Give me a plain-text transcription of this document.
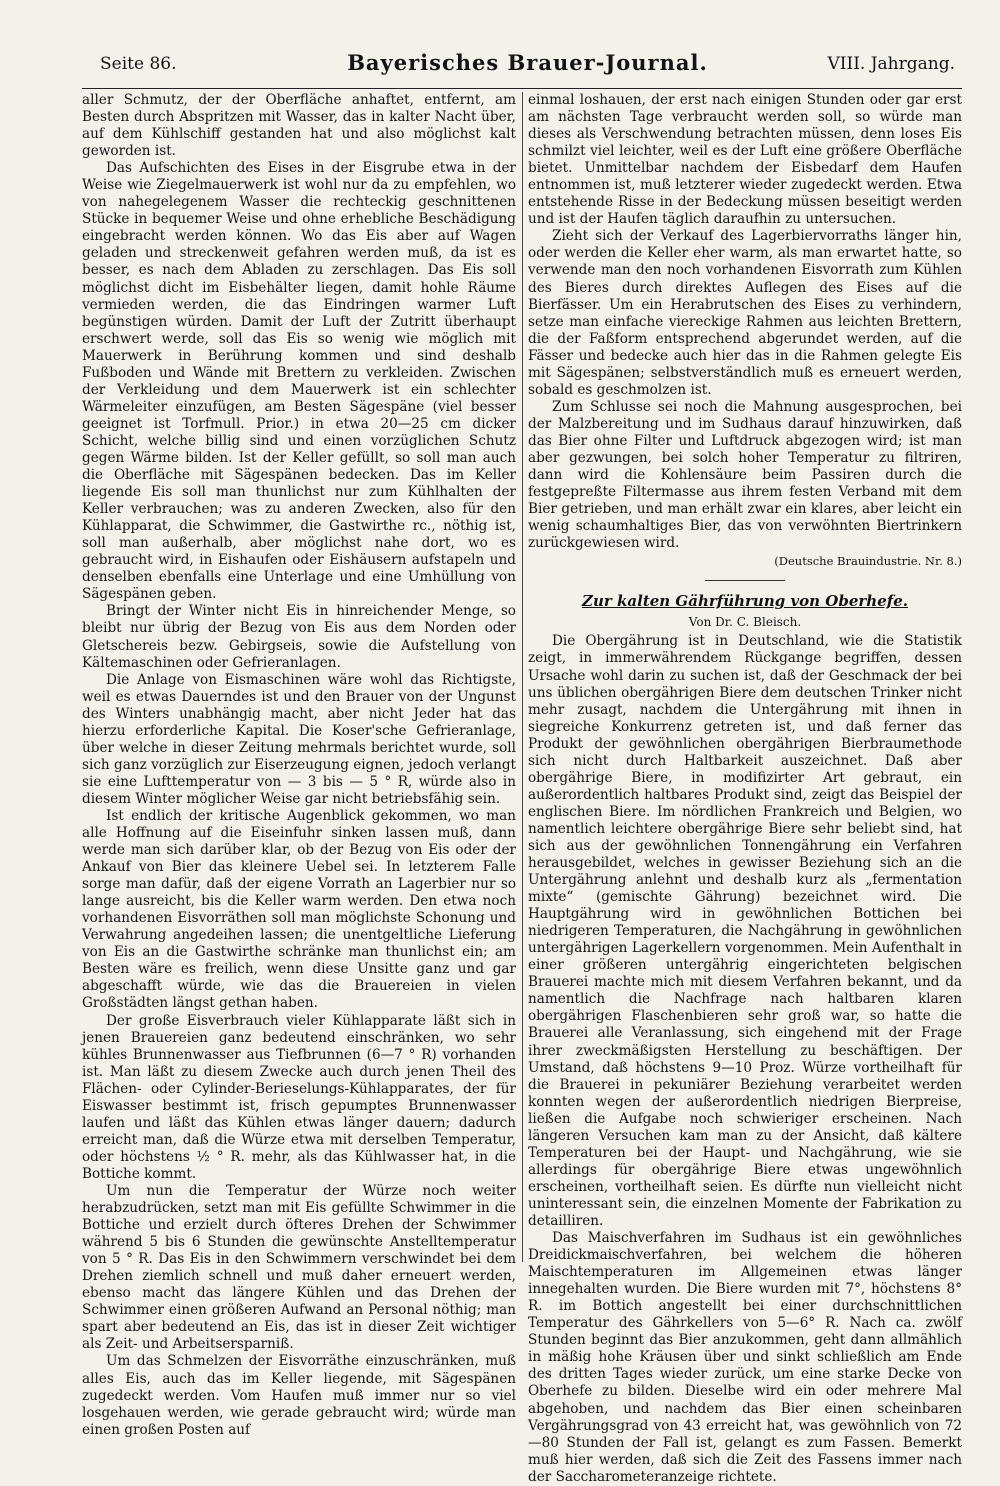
Seite 86.	Bayerisches Brauer-Journal.	VIII. Jahrgang.

aller Schmutz, der der Oberfläche anhaftet, entfernt, am Besten durch Abspritzen mit Wasser, das in kalter Nacht über, auf dem Kühlschiff gestanden hat und also möglichst kalt geworden ist.

Das Aufschichten des Eises in der Eisgrube etwa in der Weise wie Ziegelmauerwerk ist wohl nur da zu empfehlen, wo von nahegelegenem Wasser die rechteckig geschnittenen Stücke in bequemer Weise und ohne erhebliche Beschädigung eingebracht werden können. Wo das Eis aber auf Wagen geladen und streckenweit gefahren werden muß, da ist es besser, es nach dem Abladen zu zerschlagen. Das Eis soll möglichst dicht im Eisbehälter liegen, damit hohle Räume vermieden werden, die das Eindringen warmer Luft begünstigen würden. Damit der Luft der Zutritt überhaupt erschwert werde, soll das Eis so wenig wie möglich mit Mauerwerk in Berührung kommen und sind deshalb Fußboden und Wände mit Brettern zu verkleiden. Zwischen der Verkleidung und dem Mauerwerk ist ein schlechter Wärmeleiter einzufügen, am Besten Sägespäne (viel besser geeignet ist Torfmull. Prior.) in etwa 20—25 cm dicker Schicht, welche billig sind und einen vorzüglichen Schutz gegen Wärme bilden. Ist der Keller gefüllt, so soll man auch die Oberfläche mit Sägespänen bedecken. Das im Keller liegende Eis soll man thunlichst nur zum Kühlhalten der Keller verbrauchen; was zu anderen Zwecken, also für den Kühlapparat, die Schwimmer, die Gastwirthe rc., nöthig ist, soll man außerhalb, aber möglichst nahe dort, wo es gebraucht wird, in Eishaufen oder Eishäusern aufstapeln und denselben ebenfalls eine Unterlage und eine Umhüllung von Sägespänen geben.

Bringt der Winter nicht Eis in hinreichender Menge, so bleibt nur übrig der Bezug von Eis aus dem Norden oder Gletschereis bezw. Gebirgseis, sowie die Aufstellung von Kältemaschinen oder Gefrieranlagen.

Die Anlage von Eismaschinen wäre wohl das Richtigste, weil es etwas Dauerndes ist und den Brauer von der Ungunst des Winters unabhängig macht, aber nicht Jeder hat das hierzu erforderliche Kapital. Die Koser'sche Gefrieranlage, über welche in dieser Zeitung mehrmals berichtet wurde, soll sich ganz vorzüglich zur Eiserzeugung eignen, jedoch verlangt sie eine Lufttemperatur von — 3 bis — 5 ° R, würde also in diesem Winter möglicher Weise gar nicht betriebsfähig sein.

Ist endlich der kritische Augenblick gekommen, wo man alle Hoffnung auf die Eiseinfuhr sinken lassen muß, dann werde man sich darüber klar, ob der Bezug von Eis oder der Ankauf von Bier das kleinere Uebel sei. In letzterem Falle sorge man dafür, daß der eigene Vorrath an Lagerbier nur so lange ausreicht, bis die Keller warm werden. Den etwa noch vorhandenen Eisvorräthen soll man möglichste Schonung und Verwahrung angedeihen lassen; die unentgeltliche Lieferung von Eis an die Gastwirthe schränke man thunlichst ein; am Besten wäre es freilich, wenn diese Unsitte ganz und gar abgeschafft würde, wie das die Brauereien in vielen Großstädten längst gethan haben.

Der große Eisverbrauch vieler Kühlapparate läßt sich in jenen Brauereien ganz bedeutend einschränken, wo sehr kühles Brunnenwasser aus Tiefbrunnen (6—7 ° R) vorhanden ist. Man läßt zu diesem Zwecke auch durch jenen Theil des Flächen- oder Cylinder-Berieselungs-Kühlapparates, der für Eiswasser bestimmt ist, frisch gepumptes Brunnenwasser laufen und läßt das Kühlen etwas länger dauern; dadurch erreicht man, daß die Würze etwa mit derselben Temperatur, oder höchstens ½ ° R. mehr, als das Kühlwasser hat, in die Bottiche kommt.

Um nun die Temperatur der Würze noch weiter herabzudrücken, setzt man mit Eis gefüllte Schwimmer in die Bottiche und erzielt durch öfteres Drehen der Schwimmer während 5 bis 6 Stunden die gewünschte Anstelltemperatur von 5 ° R. Das Eis in den Schwimmern verschwindet bei dem Drehen ziemlich schnell und muß daher erneuert werden, ebenso macht das längere Kühlen und das Drehen der Schwimmer einen größeren Aufwand an Personal nöthig; man spart aber bedeutend an Eis, das ist in dieser Zeit wichtiger als Zeit- und Arbeitsersparniß.

Um das Schmelzen der Eisvorräthe einzuschränken, muß alles Eis, auch das im Keller liegende, mit Sägespänen zugedeckt werden. Vom Haufen muß immer nur so viel losgehauen werden, wie gerade gebraucht wird; würde man einen großen Posten auf

einmal loshauen, der erst nach einigen Stunden oder gar erst am nächsten Tage verbraucht werden soll, so würde man dieses als Verschwendung betrachten müssen, denn loses Eis schmilzt viel leichter, weil es der Luft eine größere Oberfläche bietet. Unmittelbar nachdem der Eisbedarf dem Haufen entnommen ist, muß letzterer wieder zugedeckt werden. Etwa entstehende Risse in der Bedeckung müssen beseitigt werden und ist der Haufen täglich daraufhin zu untersuchen.

Zieht sich der Verkauf des Lagerbiervorraths länger hin, oder werden die Keller eher warm, als man erwartet hatte, so verwende man den noch vorhandenen Eisvorrath zum Kühlen des Bieres durch direktes Auflegen des Eises auf die Bierfässer. Um ein Herabrutschen des Eises zu verhindern, setze man einfache viereckige Rahmen aus leichten Brettern, die der Faßform entsprechend abgerundet werden, auf die Fässer und bedecke auch hier das in die Rahmen gelegte Eis mit Sägespänen; selbstverständlich muß es erneuert werden, sobald es geschmolzen ist.

Zum Schlusse sei noch die Mahnung ausgesprochen, bei der Malzbereitung und im Sudhaus darauf hinzuwirken, daß das Bier ohne Filter und Luftdruck abgezogen wird; ist man aber gezwungen, bei solch hoher Temperatur zu filtriren, dann wird die Kohlensäure beim Passiren durch die festgepreßte Filtermasse aus ihrem festen Verband mit dem Bier getrieben, und man erhält zwar ein klares, aber leicht ein wenig schaumhaltiges Bier, das von verwöhnten Biertrinkern zurückgewiesen wird.

(Deutsche Brauindustrie. Nr. 8.)

Zur kalten Gährführung von Oberhefe.

Von Dr. C. Bleisch.

Die Obergährung ist in Deutschland, wie die Statistik zeigt, in immerwährendem Rückgange begriffen, dessen Ursache wohl darin zu suchen ist, daß der Geschmack der bei uns üblichen obergährigen Biere dem deutschen Trinker nicht mehr zusagt, nachdem die Untergährung mit ihnen in siegreiche Konkurrenz getreten ist, und daß ferner das Produkt der gewöhnlichen obergährigen Bierbraumethode sich nicht durch Haltbarkeit auszeichnet. Daß aber obergährige Biere, in modifizirter Art gebraut, ein außerordentlich haltbares Produkt sind, zeigt das Beispiel der englischen Biere. Im nördlichen Frankreich und Belgien, wo namentlich leichtere obergährige Biere sehr beliebt sind, hat sich aus der gewöhnlichen Tonnengährung ein Verfahren herausgebildet, welches in gewisser Beziehung sich an die Untergährung anlehnt und deshalb kurz als „fermentation mixte“ (gemischte Gährung) bezeichnet wird. Die Hauptgährung wird in gewöhnlichen Bottichen bei niedrigeren Temperaturen, die Nachgährung in gewöhnlichen untergährigen Lagerkellern vorgenommen. Mein Aufenthalt in einer größeren untergährig eingerichteten belgischen Brauerei machte mich mit diesem Verfahren bekannt, und da namentlich die Nachfrage nach haltbaren klaren obergährigen Flaschenbieren sehr groß war, so hatte die Brauerei alle Veranlassung, sich eingehend mit der Frage ihrer zweckmäßigsten Herstellung zu beschäftigen. Der Umstand, daß höchstens 9—10 Proz. Würze vortheilhaft für die Brauerei in pekuniärer Beziehung verarbeitet werden konnten wegen der außerordentlich niedrigen Bierpreise, ließen die Aufgabe noch schwieriger erscheinen. Nach längeren Versuchen kam man zu der Ansicht, daß kältere Temperaturen bei der Haupt- und Nachgährung, wie sie allerdings für obergährige Biere etwas ungewöhnlich erscheinen, vortheilhaft seien. Es dürfte nun vielleicht nicht uninteressant sein, die einzelnen Momente der Fabrikation zu detailliren.

Das Maischverfahren im Sudhaus ist ein gewöhnliches Dreidickmaischverfahren, bei welchem die höheren Maischtemperaturen im Allgemeinen etwas länger innegehalten wurden. Die Biere wurden mit 7°, höchstens 8° R. im Bottich angestellt bei einer durchschnittlichen Temperatur des Gährkellers von 5—6° R. Nach ca. zwölf Stunden beginnt das Bier anzukommen, geht dann allmählich in mäßig hohe Kräusen über und sinkt schließlich am Ende des dritten Tages wieder zurück, um eine starke Decke von Oberhefe zu bilden. Dieselbe wird ein oder mehrere Mal abgehoben, und nachdem das Bier einen scheinbaren Vergährungsgrad von 43 erreicht hat, was gewöhnlich von 72—80 Stunden der Fall ist, gelangt es zum Fassen. Bemerkt muß hier werden, daß sich die Zeit des Fassens immer nach der Saccharometeranzeige richtete.
